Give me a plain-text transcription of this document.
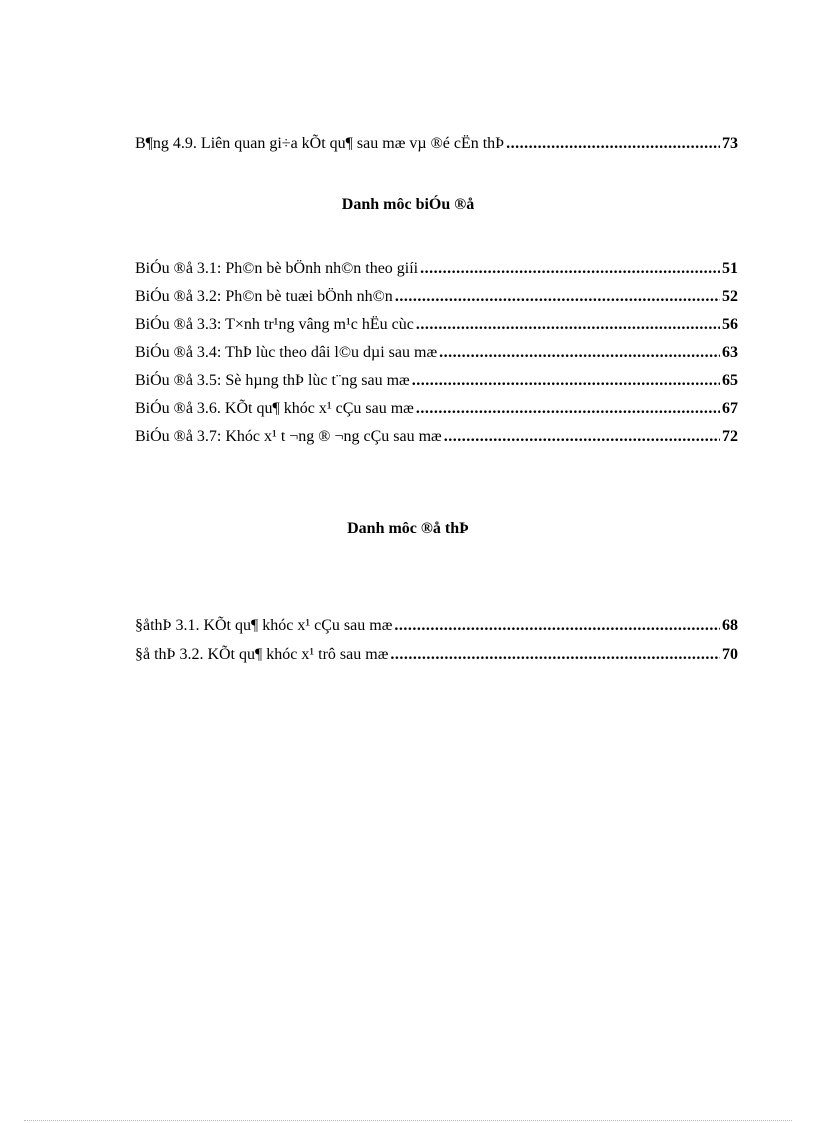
B¶ng 4.9. Liên quan gi÷a kÕt qu¶ sau mæ vµ ®é cËn thÞ .....	73
Danh môc biÓu ®å
BiÓu ®å 3.1: Ph©n bè bÖnh nh©n theo giíi .....	51
BiÓu ®å 3.2: Ph©n bè tuæi bÖnh nh©n .....	52
BiÓu ®å 3.3: T×nh tr¹ng vâng m¹c hËu cùc .....	56
BiÓu ®å 3.4: ThÞ lùc theo dâi l©u dµi sau mæ .....	63
BiÓu ®å 3.5: Sè hµng thÞ lùc t¨ng sau mæ .....	65
BiÓu ®å 3.6. KÕt qu¶ khóc x¹ cÇu sau mæ .....	67
BiÓu ®å 3.7: Khóc x¹ t ¬ng ® ¬ng cÇu sau mæ .....	72
Danh môc ®å thÞ
§åthÞ 3.1. KÕt qu¶ khóc x¹ cÇu sau mæ .....	68
§å thÞ 3.2. KÕt qu¶ khóc x¹ trô sau mæ .....	70
